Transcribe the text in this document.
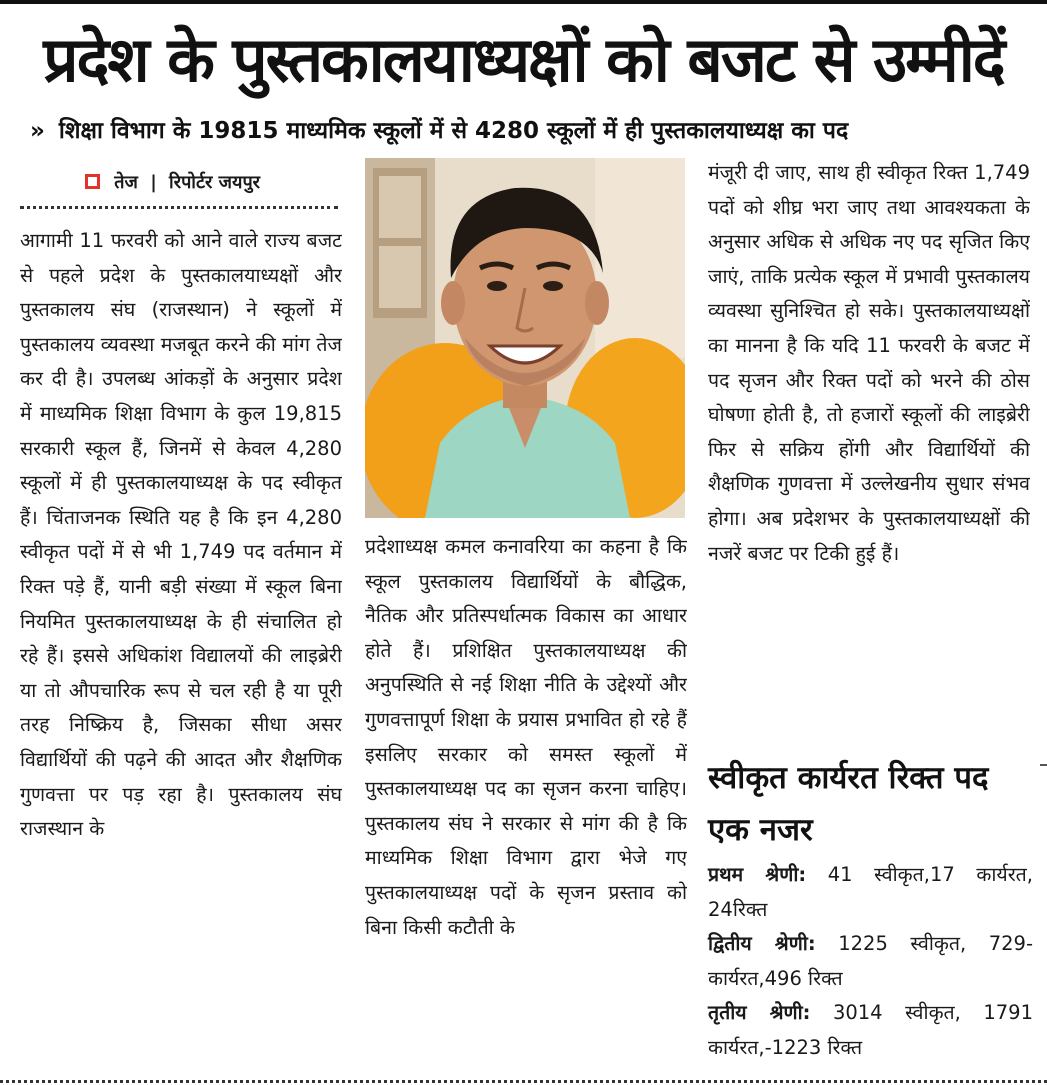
प्रदेश के पुस्तकालयाध्यक्षों को बजट से उम्मीदें
» शिक्षा विभाग के 19815 माध्यमिक स्कूलों में से 4280 स्कूलों में ही पुस्तकालयाध्यक्ष का पद
तेज | रिपोर्टर जयपुर
आगामी 11 फरवरी को आने वाले राज्य बजट से पहले प्रदेश के पुस्तकालयाध्यक्षों और पुस्तकालय संघ (राजस्थान) ने स्कूलों में पुस्तकालय व्यवस्था मजबूत करने की मांग तेज कर दी है। उपलब्ध आंकड़ों के अनुसार प्रदेश में माध्यमिक शिक्षा विभाग के कुल 19,815 सरकारी स्कूल हैं, जिनमें से केवल 4,280 स्कूलों में ही पुस्तकालयाध्यक्ष के पद स्वीकृत हैं। चिंताजनक स्थिति यह है कि इन 4,280 स्वीकृत पदों में से भी 1,749 पद वर्तमान में रिक्त पड़े हैं, यानी बड़ी संख्या में स्कूल बिना नियमित पुस्तकालयाध्यक्ष के ही संचालित हो रहे हैं। इससे अधिकांश विद्यालयों की लाइब्रेरी या तो औपचारिक रूप से चल रही है या पूरी तरह निष्क्रिय है, जिसका सीधा असर विद्यार्थियों की पढ़ने की आदत और शैक्षणिक गुणवत्ता पर पड़ रहा है। पुस्तकालय संघ राजस्थान के
प्रदेशाध्यक्ष कमल कनावरिया का कहना है कि स्कूल पुस्तकालय विद्यार्थियों के बौद्धिक, नैतिक और प्रतिस्पर्धात्मक विकास का आधार होते हैं। प्रशिक्षित पुस्तकालयाध्यक्ष की अनुपस्थिति से नई शिक्षा नीति के उद्देश्यों और गुणवत्तापूर्ण शिक्षा के प्रयास प्रभावित हो रहे हैं इसलिए सरकार को समस्त स्कूलों में पुस्तकालयाध्यक्ष पद का सृजन करना चाहिए। पुस्तकालय संघ ने सरकार से मांग की है कि माध्यमिक शिक्षा विभाग द्वारा भेजे गए पुस्तकालयाध्यक्ष पदों के सृजन प्रस्ताव को बिना किसी कटौती के
मंजूरी दी जाए, साथ ही स्वीकृत रिक्त 1,749 पदों को शीघ्र भरा जाए तथा आवश्यकता के अनुसार अधिक से अधिक नए पद सृजित किए जाएं, ताकि प्रत्येक स्कूल में प्रभावी पुस्तकालय व्यवस्था सुनिश्चित हो सके। पुस्तकालयाध्यक्षों का मानना है कि यदि 11 फरवरी के बजट में पद सृजन और रिक्त पदों को भरने की ठोस घोषणा होती है, तो हजारों स्कूलों की लाइब्रेरी फिर से सक्रिय होंगी और विद्यार्थियों की शैक्षणिक गुणवत्ता में उल्लेखनीय सुधार संभव होगा। अब प्रदेशभर के पुस्तकालयाध्यक्षों की नजरें बजट पर टिकी हुई हैं।
स्वीकृत कार्यरत रिक्त पद एक नजर
प्रथम श्रेणी: 41 स्वीकृत,17 कार्यरत, 24रिक्त
द्वितीय श्रेणी: 1225 स्वीकृत, 729-कार्यरत,496 रिक्त
तृतीय श्रेणी: 3014 स्वीकृत, 1791 कार्यरत,-1223 रिक्त
